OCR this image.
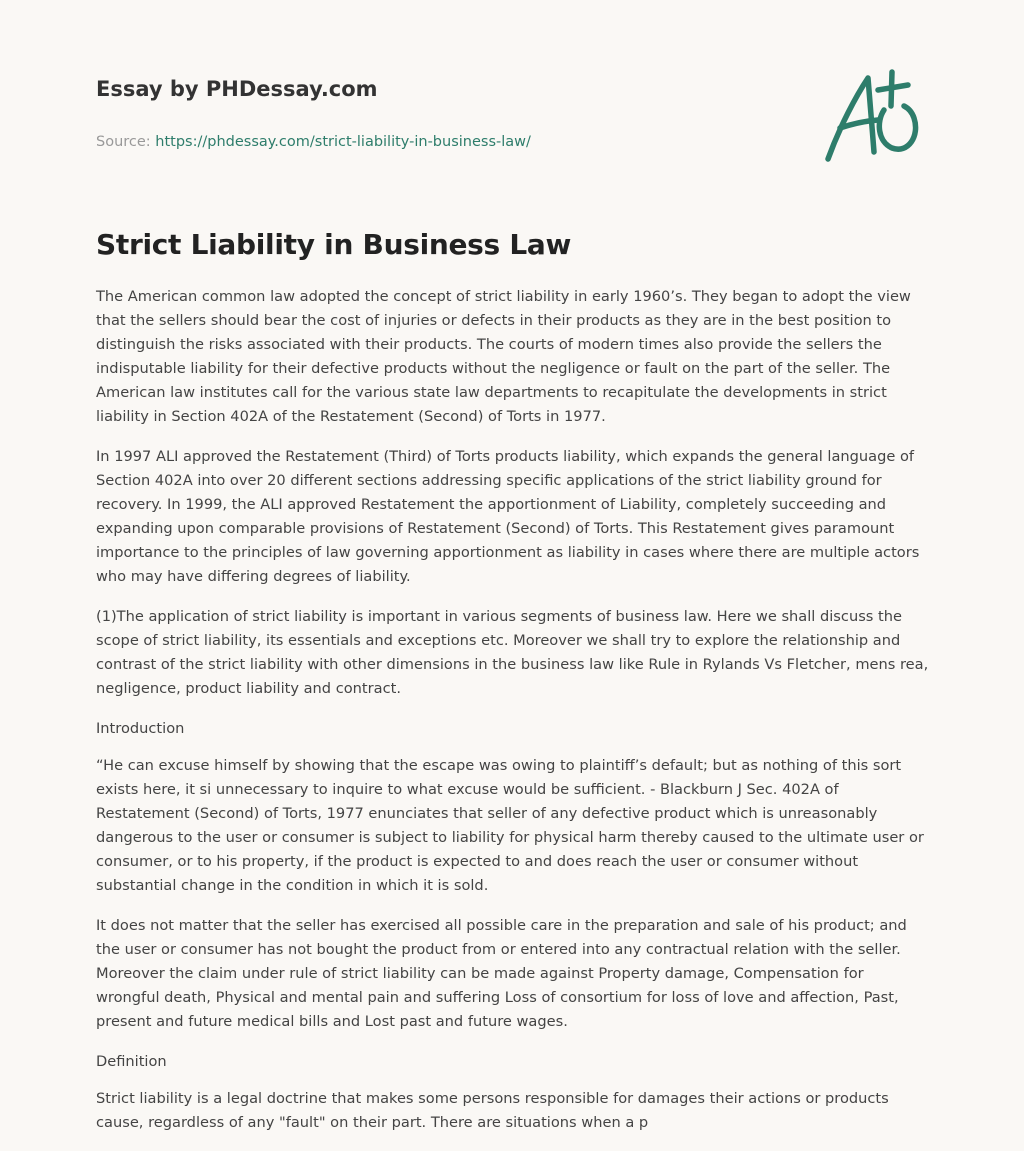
Essay by PHDessay.com
Source: https://phdessay.com/strict-liability-in-business-law/
Strict Liability in Business Law

The American common law adopted the concept of strict liability in early 1960’s. They began to adopt the view that the sellers should bear the cost of injuries or defects in their products as they are in the best position to distinguish the risks associated with their products. The courts of modern times also provide the sellers the indisputable liability for their defective products without the negligence or fault on the part of the seller. The American law institutes call for the various state law departments to recapitulate the developments in strict liability in Section 402A of the Restatement (Second) of Torts in 1977.

In 1997 ALI approved the Restatement (Third) of Torts products liability, which expands the general language of Section 402A into over 20 different sections addressing specific applications of the strict liability ground for recovery. In 1999, the ALI approved Restatement the apportionment of Liability, completely succeeding and expanding upon comparable provisions of Restatement (Second) of Torts. This Restatement gives paramount importance to the principles of law governing apportionment as liability in cases where there are multiple actors who may have differing degrees of liability.

(1)The application of strict liability is important in various segments of business law. Here we shall discuss the scope of strict liability, its essentials and exceptions etc. Moreover we shall try to explore the relationship and contrast of the strict liability with other dimensions in the business law like Rule in Rylands Vs Fletcher, mens rea, negligence, product liability and contract.

Introduction

“He can excuse himself by showing that the escape was owing to plaintiff’s default; but as nothing of this sort exists here, it si unnecessary to inquire to what excuse would be sufficient. - Blackburn J Sec. 402A of Restatement (Second) of Torts, 1977 enunciates that seller of any defective product which is unreasonably dangerous to the user or consumer is subject to liability for physical harm thereby caused to the ultimate user or consumer, or to his property, if the product is expected to and does reach the user or consumer without substantial change in the condition in which it is sold.

It does not matter that the seller has exercised all possible care in the preparation and sale of his product; and the user or consumer has not bought the product from or entered into any contractual relation with the seller. Moreover the claim under rule of strict liability can be made against Property damage, Compensation for wrongful death, Physical and mental pain and suffering Loss of consortium for loss of love and affection, Past, present and future medical bills and Lost past and future wages.

Definition

Strict liability is a legal doctrine that makes some persons responsible for damages their actions or products cause, regardless of any "fault" on their part. There are situations when a p
